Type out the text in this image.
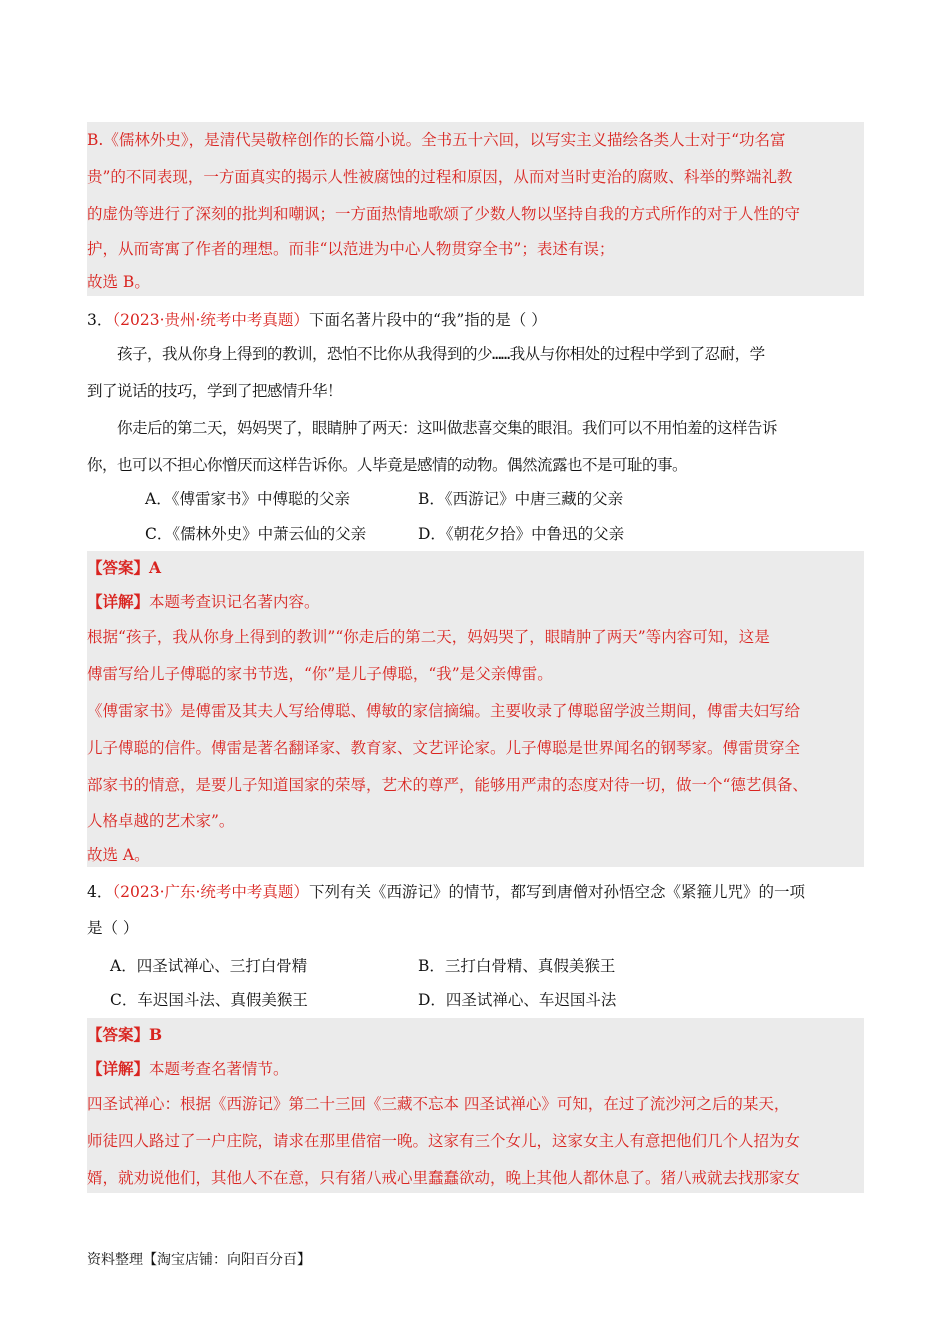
B.《儒林外史》，是清代吴敬梓创作的长篇小说。全书五十六回，以写实主义描绘各类人士对于“功名富
贵”的不同表现，一方面真实的揭示人性被腐蚀的过程和原因，从而对当时吏治的腐败、科举的弊端礼教
的虚伪等进行了深刻的批判和嘲讽；一方面热情地歌颂了少数人物以坚持自我的方式所作的对于人性的守
护，从而寄寓了作者的理想。而非“以范进为中心人物贯穿全书”；表述有误；
故选 B。
3．（2023·贵州·统考中考真题）下面名著片段中的“我”指的是（ ）
孩子，我从你身上得到的教训，恐怕不比你从我得到的少……我从与你相处的过程中学到了忍耐，学
到了说话的技巧，学到了把感情升华！
你走后的第二天，妈妈哭了，眼睛肿了两天：这叫做悲喜交集的眼泪。我们可以不用怕羞的这样告诉
你，也可以不担心你憎厌而这样告诉你。人毕竟是感情的动物。偶然流露也不是可耻的事。
A．《傅雷家书》中傅聪的父亲	B．《西游记》中唐三藏的父亲
C．《儒林外史》中萧云仙的父亲	D．《朝花夕拾》中鲁迅的父亲
【答案】A
【详解】本题考查识记名著内容。
根据“孩子，我从你身上得到的教训”“你走后的第二天，妈妈哭了，眼睛肿了两天”等内容可知，这是
傅雷写给儿子傅聪的家书节选，“你”是儿子傅聪，“我”是父亲傅雷。
《傅雷家书》是傅雷及其夫人写给傅聪、傅敏的家信摘编。主要收录了傅聪留学波兰期间，傅雷夫妇写给
儿子傅聪的信件。傅雷是著名翻译家、教育家、文艺评论家。儿子傅聪是世界闻名的钢琴家。傅雷贯穿全
部家书的情意，是要儿子知道国家的荣辱，艺术的尊严，能够用严肃的态度对待一切，做一个“德艺俱备、
人格卓越的艺术家”。
故选 A。
4．（2023·广东·统考中考真题）下列有关《西游记》的情节，都写到唐僧对孙悟空念《紧箍儿咒》的一项
是（ ）
A．四圣试禅心、三打白骨精	B．三打白骨精、真假美猴王
C．车迟国斗法、真假美猴王	D．四圣试禅心、车迟国斗法
【答案】B
【详解】本题考查名著情节。
四圣试禅心：根据《西游记》第二十三回《三藏不忘本 四圣试禅心》可知，在过了流沙河之后的某天，
师徒四人路过了一户庄院，请求在那里借宿一晚。这家有三个女儿，这家女主人有意把他们几个人招为女
婿，就劝说他们，其他人不在意，只有猪八戒心里蠢蠢欲动，晚上其他人都休息了。猪八戒就去找那家女
资料整理【淘宝店铺：向阳百分百】
